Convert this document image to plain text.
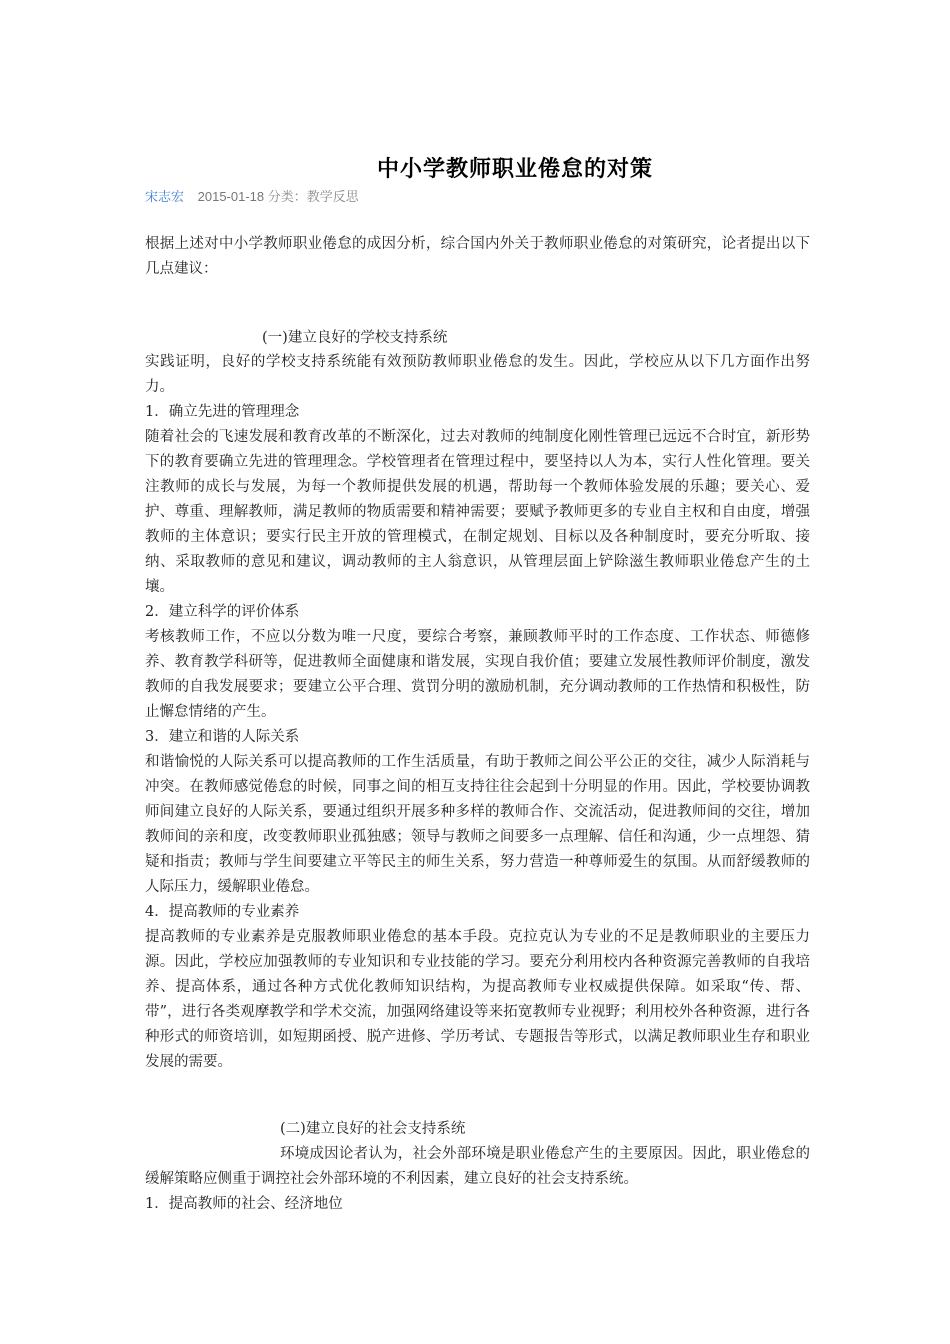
中小学教师职业倦怠的对策
宋志宏 2015-01-18 分类：教学反思
根据上述对中小学教师职业倦怠的成因分析，综合国内外关于教师职业倦怠的对策研究，论者提出以下几点建议：
(一)建立良好的学校支持系统
实践证明，良好的学校支持系统能有效预防教师职业倦怠的发生。因此，学校应从以下几方面作出努力。
1．确立先进的管理理念
随着社会的飞速发展和教育改革的不断深化，过去对教师的纯制度化刚性管理已远远不合时宜，新形势下的教育要确立先进的管理理念。学校管理者在管理过程中，要坚持以人为本，实行人性化管理。要关注教师的成长与发展，为每一个教师提供发展的机遇，帮助每一个教师体验发展的乐趣；要关心、爱护、尊重、理解教师，满足教师的物质需要和精神需要；要赋予教师更多的专业自主权和自由度，增强教师的主体意识；要实行民主开放的管理模式，在制定规划、目标以及各种制度时，要充分听取、接纳、采取教师的意见和建议，调动教师的主人翁意识，从管理层面上铲除滋生教师职业倦怠产生的土壤。
2．建立科学的评价体系
考核教师工作，不应以分数为唯一尺度，要综合考察，兼顾教师平时的工作态度、工作状态、师德修养、教育教学科研等，促进教师全面健康和谐发展，实现自我价值；要建立发展性教师评价制度，激发教师的自我发展要求；要建立公平合理、赏罚分明的激励机制，充分调动教师的工作热情和积极性，防止懈怠情绪的产生。
3．建立和谐的人际关系
和谐愉悦的人际关系可以提高教师的工作生活质量，有助于教师之间公平公正的交往，减少人际消耗与冲突。在教师感觉倦怠的时候，同事之间的相互支持往往会起到十分明显的作用。因此，学校要协调教师间建立良好的人际关系，要通过组织开展多种多样的教师合作、交流活动，促进教师间的交往，增加教师间的亲和度，改变教师职业孤独感；领导与教师之间要多一点理解、信任和沟通，少一点埋怨、猜疑和指责；教师与学生间要建立平等民主的师生关系，努力营造一种尊师爱生的氛围。从而舒缓教师的人际压力，缓解职业倦怠。
4．提高教师的专业素养
提高教师的专业素养是克服教师职业倦怠的基本手段。克拉克认为专业的不足是教师职业的主要压力源。因此，学校应加强教师的专业知识和专业技能的学习。要充分利用校内各种资源完善教师的自我培养、提高体系，通过各种方式优化教师知识结构，为提高教师专业权威提供保障。如采取“传、帮、带”，进行各类观摩教学和学术交流，加强网络建设等来拓宽教师专业视野；利用校外各种资源，进行各种形式的师资培训，如短期函授、脱产进修、学历考试、专题报告等形式，以满足教师职业生存和职业发展的需要。
(二)建立良好的社会支持系统
环境成因论者认为，社会外部环境是职业倦怠产生的主要原因。因此，职业倦怠的缓解策略应侧重于调控社会外部环境的不利因素，建立良好的社会支持系统。
1．提高教师的社会、经济地位
